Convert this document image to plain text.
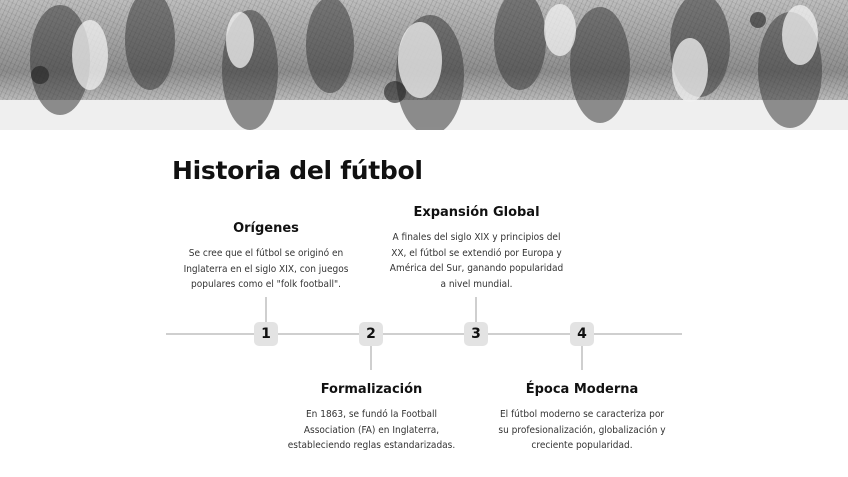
Historia del fútbol
1	2	3	4

Orígenes

Se cree que el fútbol se originó en Inglaterra en el siglo XIX, con juegos populares como el "folk football".

Expansión Global

A finales del siglo XIX y principios del XX, el fútbol se extendió por Europa y América del Sur, ganando popularidad a nivel mundial.

Formalización

En 1863, se fundó la Football Association (FA) en Inglaterra, estableciendo reglas estandarizadas.

Época Moderna

El fútbol moderno se caracteriza por su profesionalización, globalización y creciente popularidad.
